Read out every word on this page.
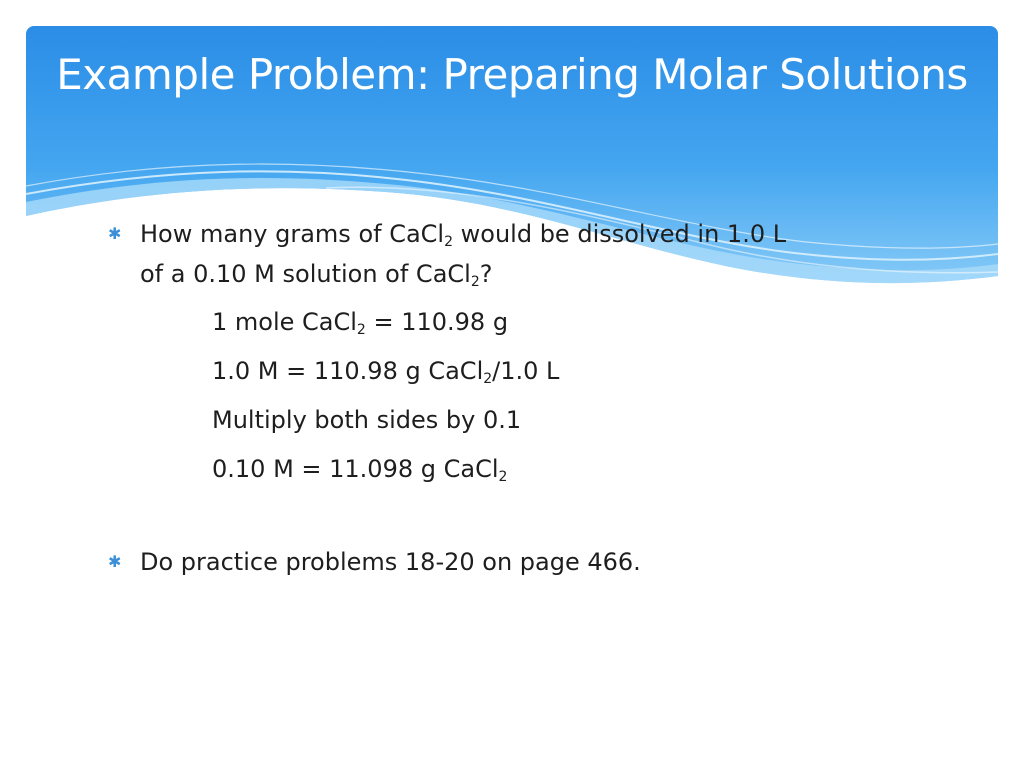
Example Problem: Preparing Molar Solutions
✱ How many grams of CaCl$_2$ would be dissolved in 1.0 L
of a 0.10 M solution of CaCl$_2$?
1 mole CaCl$_2$ = 110.98 g
1.0 M = 110.98 g CaCl$_2$/1.0 L
Multiply both sides by 0.1
0.10 M = 11.098 g CaCl$_2$
✱ Do practice problems 18-20 on page 466.
